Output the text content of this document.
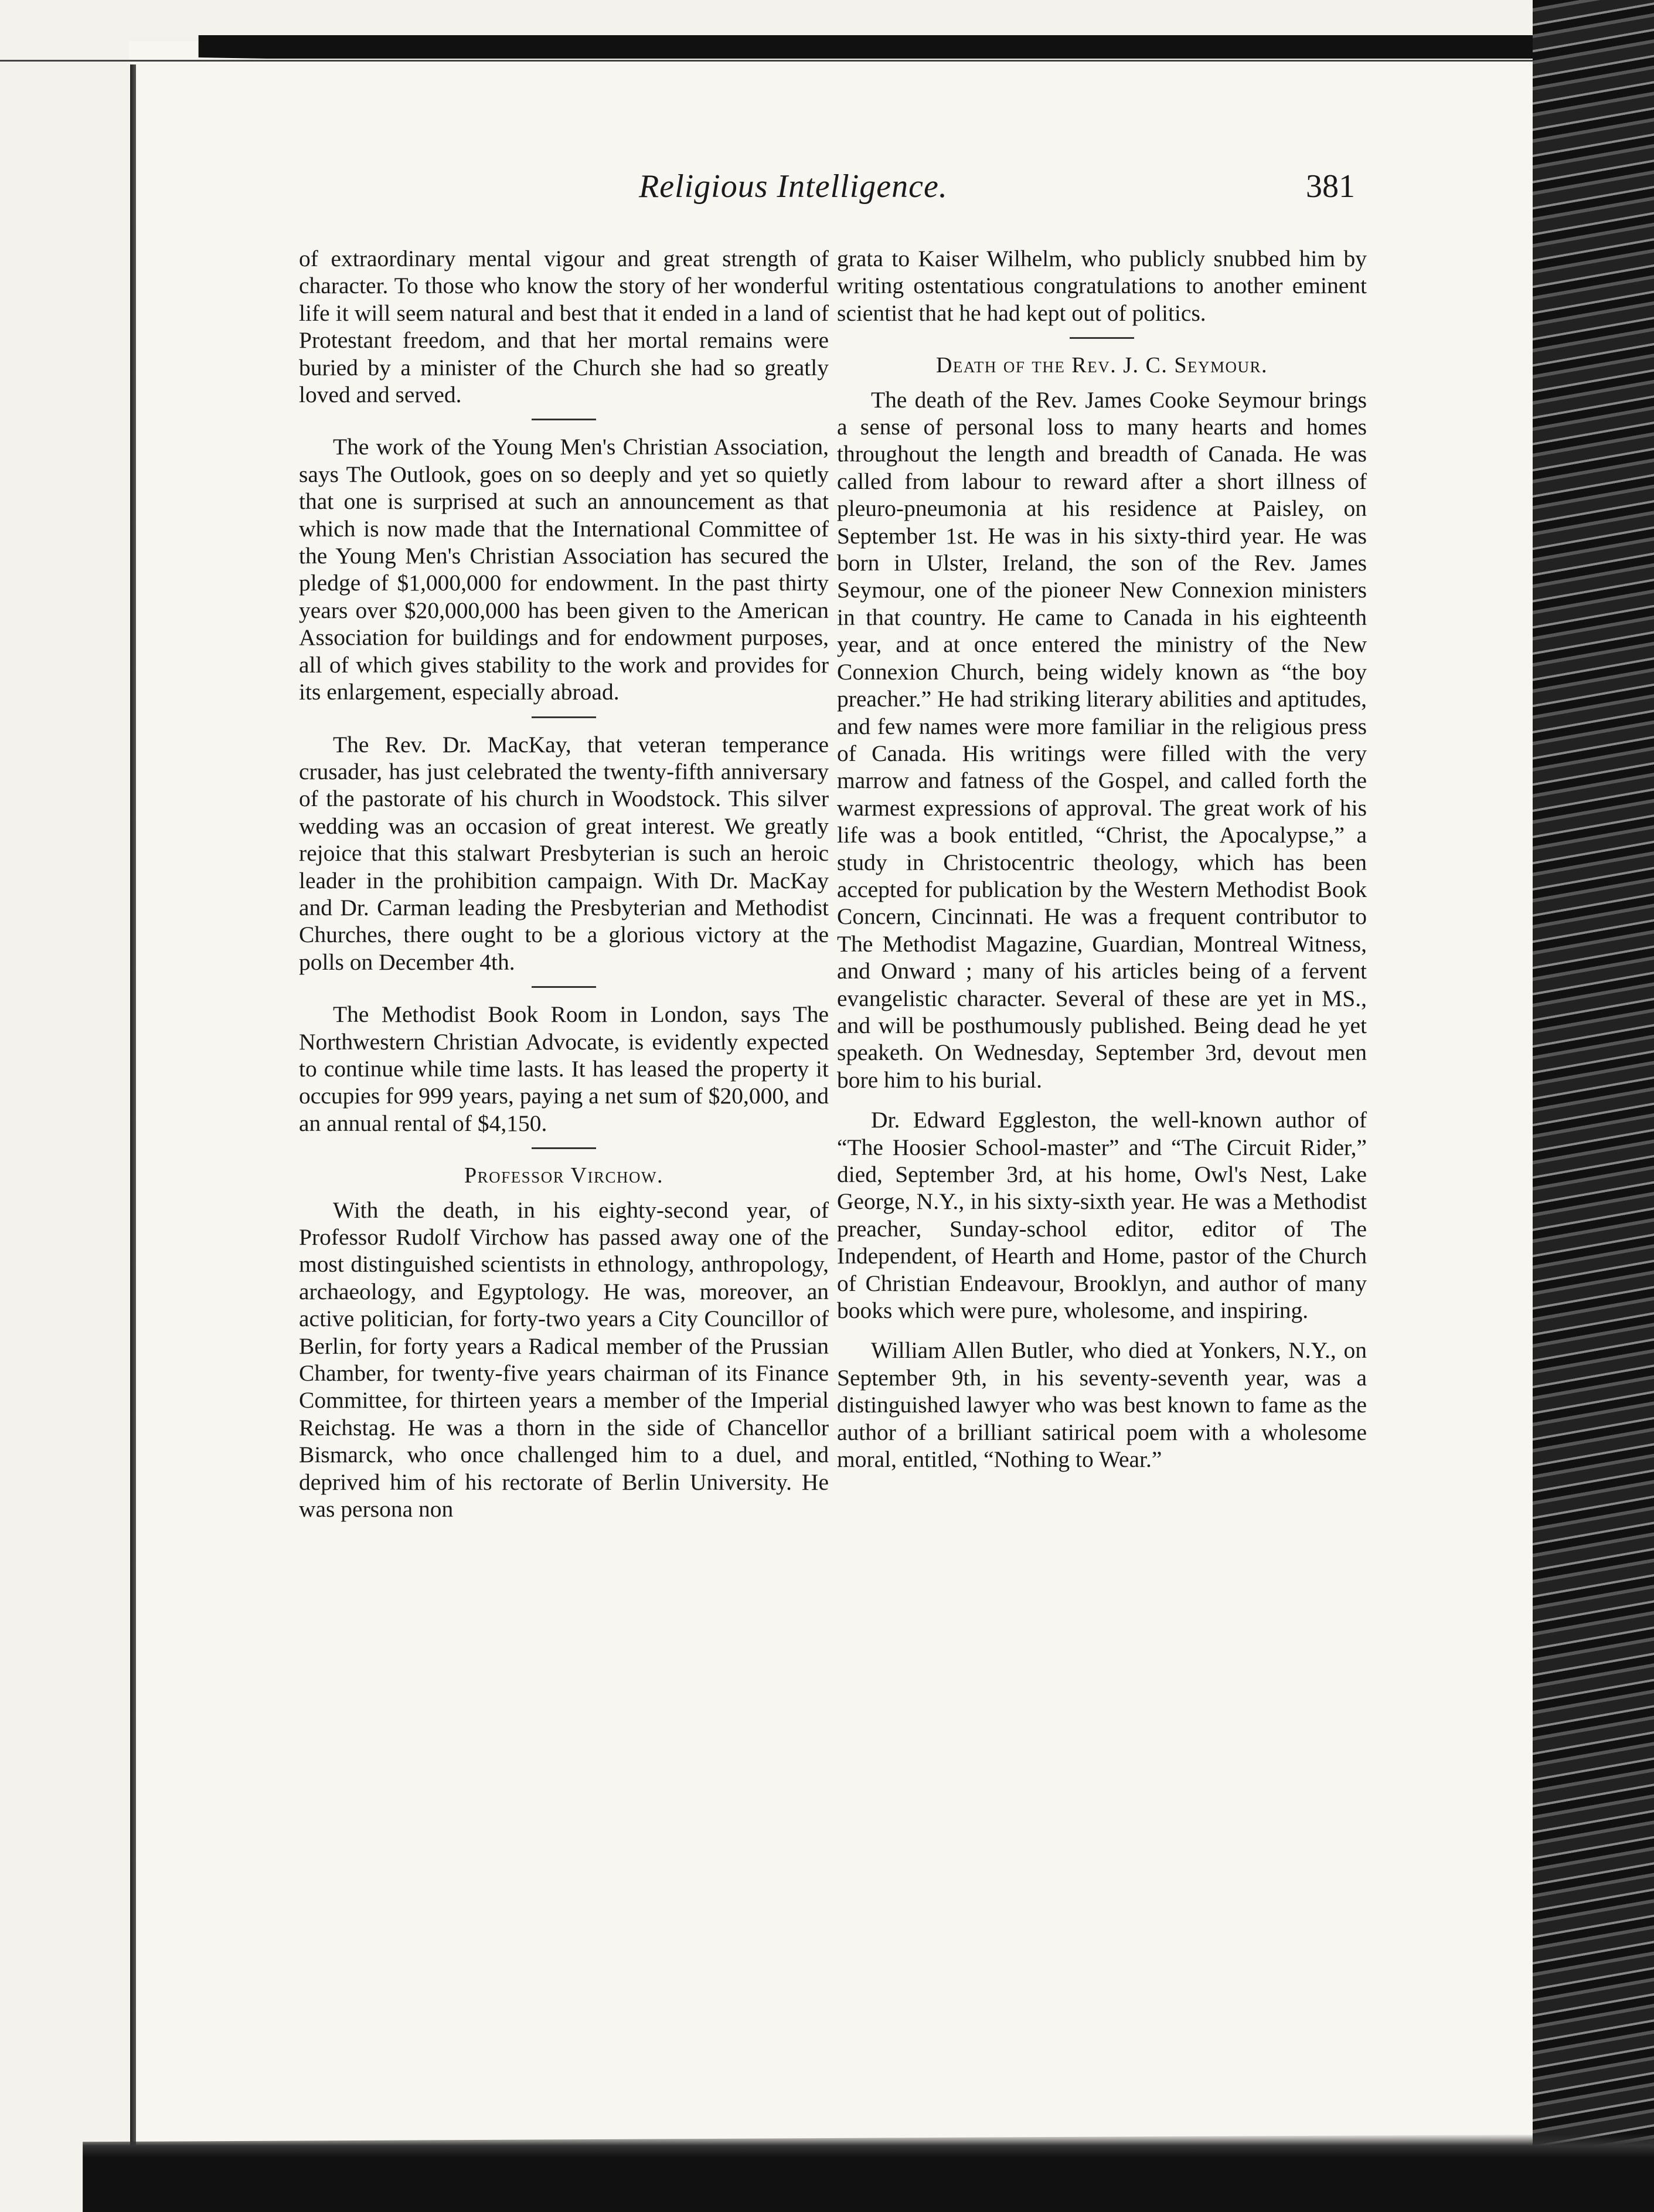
Religious Intelligence.	381

of extraordinary mental vigour and great strength of character. To those who know the story of her wonderful life it will seem natural and best that it ended in a land of Protestant freedom, and that her mortal remains were buried by a minister of the Church she had so greatly loved and served.

The work of the Young Men's Christian Association, says The Outlook, goes on so deeply and yet so quietly that one is surprised at such an announcement as that which is now made that the International Committee of the Young Men's Christian Association has secured the pledge of $1,000,000 for endowment. In the past thirty years over $20,000,000 has been given to the American Association for buildings and for endowment purposes, all of which gives stability to the work and provides for its enlargement, especially abroad.

The Rev. Dr. MacKay, that veteran temperance crusader, has just celebrated the twenty-fifth anniversary of the pastorate of his church in Woodstock. This silver wedding was an occasion of great interest. We greatly rejoice that this stalwart Presbyterian is such an heroic leader in the prohibition campaign. With Dr. MacKay and Dr. Carman leading the Presbyterian and Methodist Churches, there ought to be a glorious victory at the polls on December 4th.

The Methodist Book Room in London, says The Northwestern Christian Advocate, is evidently expected to continue while time lasts. It has leased the property it occupies for 999 years, paying a net sum of $20,000, and an annual rental of $4,150.

Professor Virchow.

With the death, in his eighty-second year, of Professor Rudolf Virchow has passed away one of the most distinguished scientists in ethnology, anthropology, archaeology, and Egyptology. He was, moreover, an active politician, for forty-two years a City Councillor of Berlin, for forty years a Radical member of the Prussian Chamber, for twenty-five years chairman of its Finance Committee, for thirteen years a member of the Imperial Reichstag. He was a thorn in the side of Chancellor Bismarck, who once challenged him to a duel, and deprived him of his rectorate of Berlin University. He was persona non

grata to Kaiser Wilhelm, who publicly snubbed him by writing ostentatious congratulations to another eminent scientist that he had kept out of politics.

Death of the Rev. J. C. Seymour.

The death of the Rev. James Cooke Seymour brings a sense of personal loss to many hearts and homes throughout the length and breadth of Canada. He was called from labour to reward after a short illness of pleuro-pneumonia at his residence at Paisley, on September 1st. He was in his sixty-third year. He was born in Ulster, Ireland, the son of the Rev. James Seymour, one of the pioneer New Connexion ministers in that country. He came to Canada in his eighteenth year, and at once entered the ministry of the New Connexion Church, being widely known as “the boy preacher.” He had striking literary abilities and aptitudes, and few names were more familiar in the religious press of Canada. His writings were filled with the very marrow and fatness of the Gospel, and called forth the warmest expressions of approval. The great work of his life was a book entitled, “Christ, the Apocalypse,” a study in Christocentric theology, which has been accepted for publication by the Western Methodist Book Concern, Cincinnati. He was a frequent contributor to The Methodist Magazine, Guardian, Montreal Witness, and Onward ; many of his articles being of a fervent evangelistic character. Several of these are yet in MS., and will be posthumously published. Being dead he yet speaketh. On Wednesday, September 3rd, devout men bore him to his burial.

Dr. Edward Eggleston, the well-known author of “The Hoosier School-master” and “The Circuit Rider,” died, September 3rd, at his home, Owl's Nest, Lake George, N.Y., in his sixty-sixth year. He was a Methodist preacher, Sunday-school editor, editor of The Independent, of Hearth and Home, pastor of the Church of Christian Endeavour, Brooklyn, and author of many books which were pure, wholesome, and inspiring.

William Allen Butler, who died at Yonkers, N.Y., on September 9th, in his seventy-seventh year, was a distinguished lawyer who was best known to fame as the author of a brilliant satirical poem with a wholesome moral, entitled, “Nothing to Wear.”
